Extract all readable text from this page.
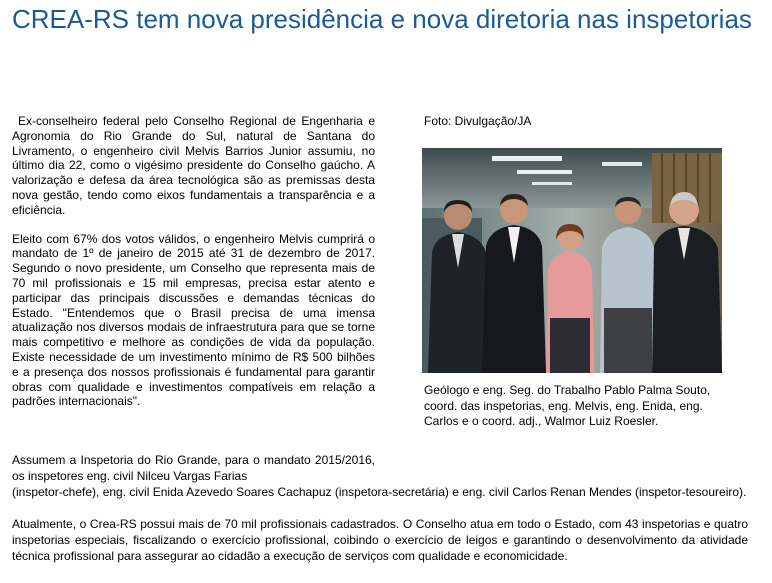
CREA-RS tem nova presidência e nova diretoria nas inspetorias

Ex-conselheiro federal pelo Conselho Regional de Engenharia e Agronomia do Rio Grande do Sul, natural de Santana do Livramento, o engenheiro civil Melvis Barrios Junior assumiu, no último dia 22, como o vigésimo presidente do Conselho gaúcho. A valorização e defesa da área tecnológica são as premissas desta nova gestão, tendo como eixos fundamentais a transparência e a eficiência.

Eleito com 67% dos votos válidos, o engenheiro Melvis cumprirá o mandato de 1º de janeiro de 2015 até 31 de dezembro de 2017. Segundo o novo presidente, um Conselho que representa mais de 70 mil profissionais e 15 mil empresas, precisa estar atento e participar das principais discussões e demandas técnicas do Estado. "Entendemos que o Brasil precisa de uma imensa atualização nos diversos modais de infraestrutura para que se torne mais competitivo e melhore as condições de vida da população. Existe necessidade de um investimento mínimo de R$ 500 bilhões e a presença dos nossos profissionais é fundamental para garantir obras com qualidade e investimentos compatíveis em relação a padrões internacionais".

Foto: Divulgação/JA
Geólogo e eng. Seg. do Trabalho Pablo Palma Souto, coord. das inspetorias, eng. Melvis, eng. Enida, eng. Carlos e o coord. adj., Walmor Luiz Roesler.

Assumem a Inspetoria do Rio Grande, para o mandato 2015/2016, os inspetores eng. civil Nilceu Vargas Farias

(inspetor-chefe), eng. civil Enida Azevedo Soares Cachapuz (inspetora-secretária) e eng. civil Carlos Renan Mendes (inspetor-tesoureiro).

Atualmente, o Crea-RS possui mais de 70 mil profissionais cadastrados. O Conselho atua em todo o Estado, com 43 inspetorias e quatro inspetorias especiais, fiscalizando o exercício profissional, coibindo o exercício de leigos e garantindo o desenvolvimento da atividade técnica profissional para assegurar ao cidadão a execução de serviços com qualidade e economicidade.
